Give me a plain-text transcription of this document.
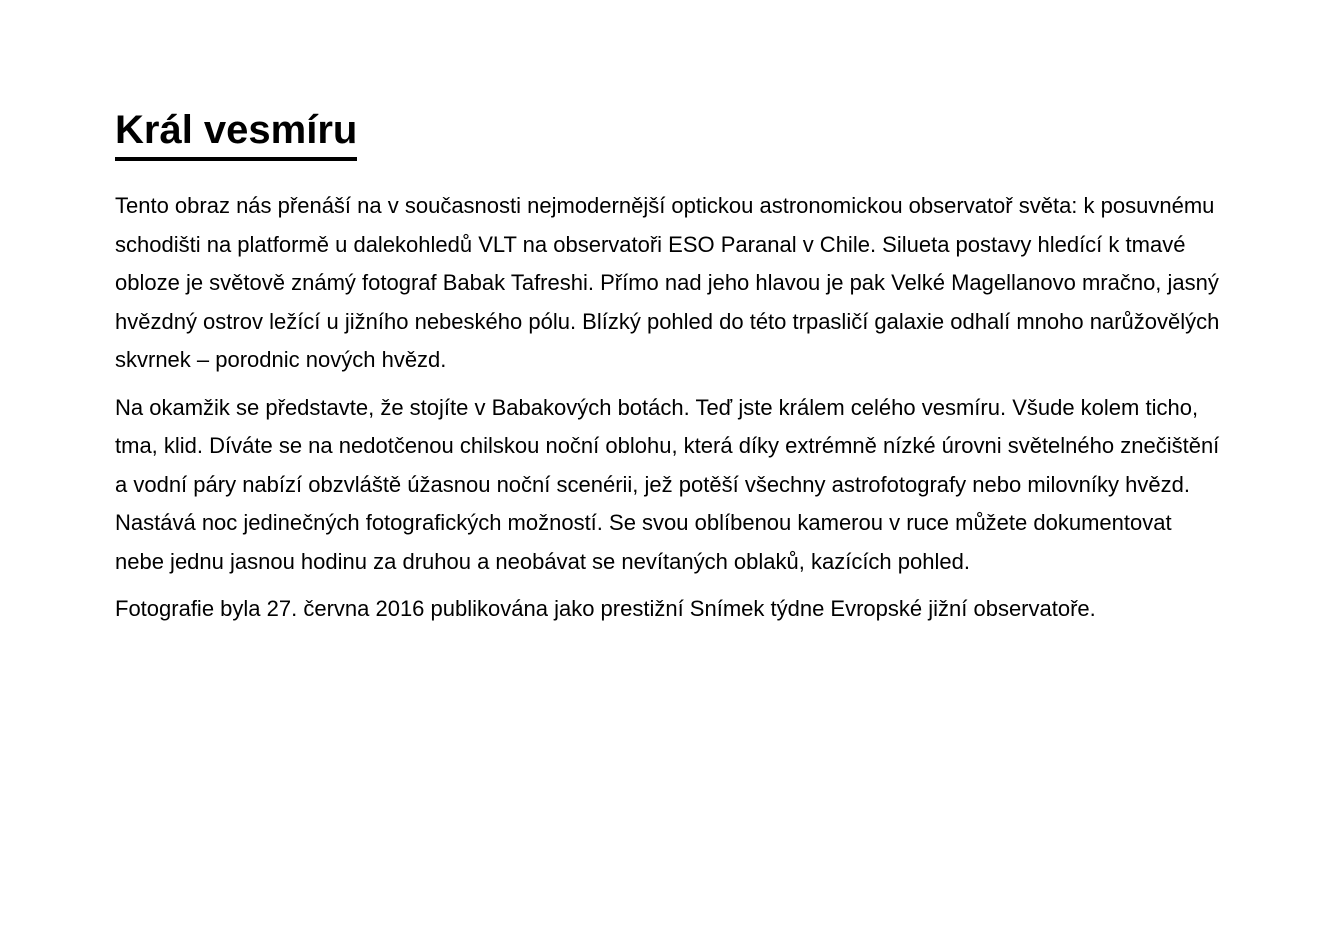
Král vesmíru

Tento obraz nás přenáší na v současnosti nejmodernější optickou astronomickou observatoř světa: k posuvnému schodišti na platformě u dalekohledů VLT na observatoři ESO Paranal v Chile. Silueta postavy hledící k tmavé obloze je světově známý fotograf Babak Tafreshi. Přímo nad jeho hlavou je pak Velké Magellanovo mračno, jasný hvězdný ostrov ležící u jižního nebeského pólu. Blízký pohled do této trpasličí galaxie odhalí mnoho narůžovělých skvrnek – porodnic nových hvězd.

Na okamžik se představte, že stojíte v Babakových botách. Teď jste králem celého vesmíru. Všude kolem ticho, tma, klid. Díváte se na nedotčenou chilskou noční oblohu, která díky extrémně nízké úrovni světelného znečištění a vodní páry nabízí obzvláště úžasnou noční scenérii, jež potěší všechny astrofotografy nebo milovníky hvězd. Nastává noc jedinečných fotografických možností. Se svou oblíbenou kamerou v ruce můžete dokumentovat nebe jednu jasnou hodinu za druhou a neobávat se nevítaných oblaků, kazících pohled.

Fotografie byla 27. června 2016 publikována jako prestižní Snímek týdne Evropské jižní observatoře.
